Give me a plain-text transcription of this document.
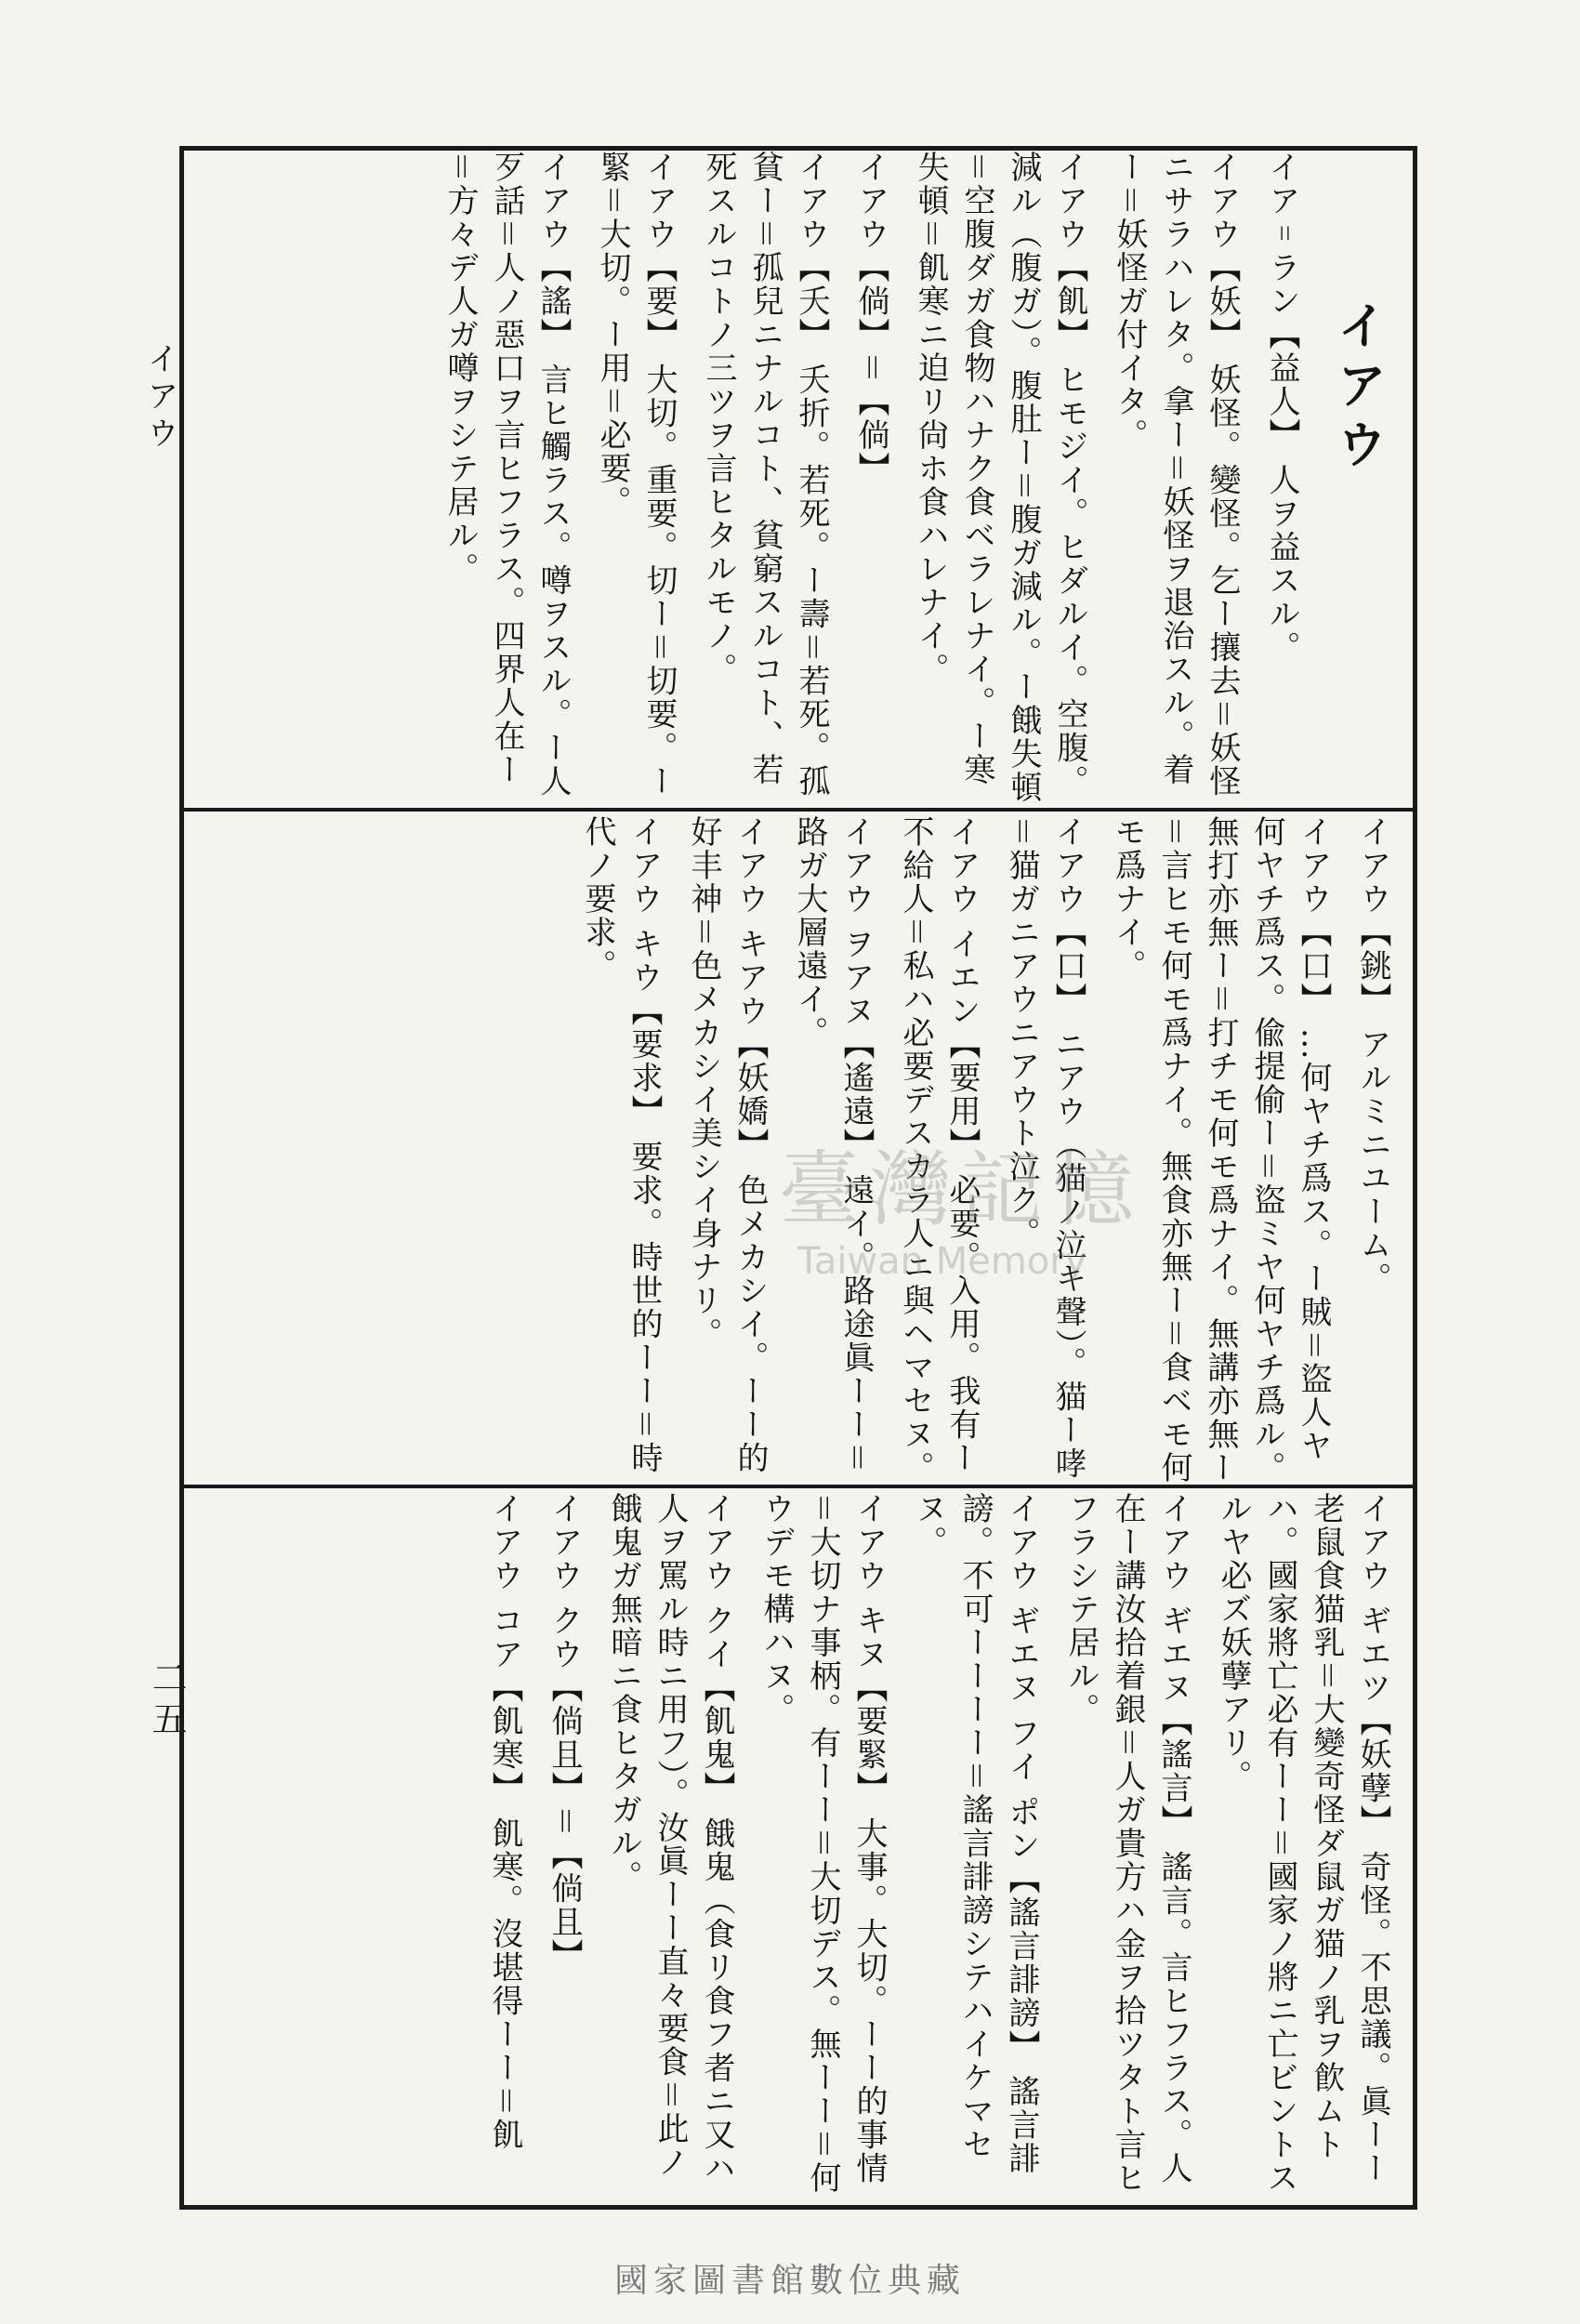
イアウ
二五
イアウ
イア゠ラン【益人】 人ヲ益スル。
イアウ【妖】 妖怪。變怪。乞ー攘去＝妖怪ニサラハレタ。拿ー＝妖怪ヲ退治スル。着ー＝妖怪ガ付イタ。
イアウ【飢】 ヒモジイ。ヒダルイ。空腹。減ル（腹ガ）。腹肚ー＝腹ガ減ル。ー餓失頓＝空腹ダガ食物ハナク食ベラレナイ。ー寒失頓＝飢寒ニ迫リ尙ホ食ハレナイ。
イアウ【倘】＝【倘】
イアウ【夭】 夭折。若死。ー壽＝若死。孤貧ー＝孤兒ニナルコト、貧窮スルコト、若死スルコトノ三ツヲ言ヒタルモノ。
イアウ【要】 大切。重要。切ー＝切要。ー緊＝大切。ー用＝必要。
イアウ【謠】 言ヒ觸ラス。噂ヲスル。ー人歹話＝人ノ惡口ヲ言ヒフラス。四界人在ー＝方々デ人ガ噂ヲシテ居ル。
イアウ【銚】 アルミニユーム。
イアウ【口】 …何ヤチ爲ス。ー賊＝盜人ヤ何ヤチ爲ス。偸提偷ー＝盜ミヤ何ヤチ爲ル。無打亦無ー＝打チモ何モ爲ナイ。無講亦無ー＝言ヒモ何モ爲ナイ。無食亦無ー＝食ベモ何モ爲ナイ。
イアウ【口】 ニアウ（猫ノ泣キ聲）。猫ー哮＝猫ガニアウニアウト泣ク。
イアウ イエン【要用】 必要。入用。我有ー不給人＝私ハ必要デスカラ人ニ與ヘマセヌ。
イアウ ヲアヌ【遙遠】 遠イ。路途眞ーー＝路ガ大層遠イ。
イアウ キアウ【妖嬌】 色メカシイ。ーー的好丰神＝色メカシイ美シイ身ナリ。
イアウ キウ【要求】 要求。時世的ーー＝時代ノ要求。
イアウ ギエツ【妖孽】 奇怪。不思議。眞ーー老鼠食猫乳＝大變奇怪ダ鼠ガ猫ノ乳ヲ飮ムトハ。國家將亡必有ーー＝國家ノ將ニ亡ビントスルヤ必ズ妖孽アリ。
イアウ ギエヌ【謠言】 謠言。言ヒフラス。人在ー講汝拾着銀＝人ガ貴方ハ金ヲ拾ツタト言ヒフラシテ居ル。
イアウ ギエヌ フイ ポン【謠言誹謗】 謠言誹謗。不可ーーーー＝謠言誹謗シテハイケマセヌ。
イアウ キヌ【要緊】 大事。大切。ーー的事情＝大切ナ事柄。有ーー＝大切デス。無ーー＝何ウデモ構ハヌ。
イアウ クイ【飢鬼】 餓鬼（食リ食フ者ニ又ハ人ヲ罵ル時ニ用フ）。汝眞ーー直々要食＝此ノ餓鬼ガ無暗ニ食ヒタガル。
イアウ クウ【倘且】＝【倘且】
イアウ コア【飢寒】 飢寒。沒堪得ーー＝飢
臺灣記憶
Taiwan Memory
國家圖書館數位典藏
